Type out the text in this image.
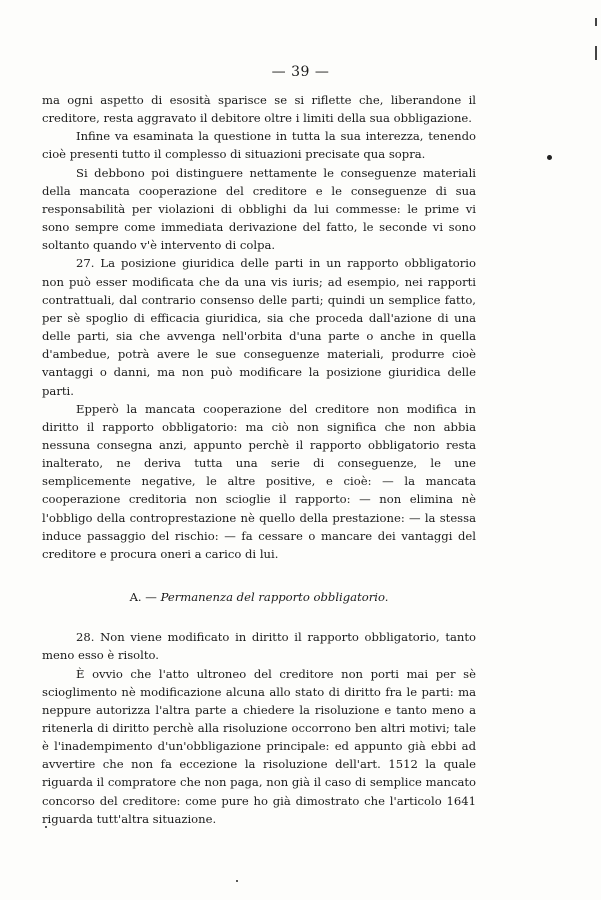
— 39 —

ma ogni aspetto di esosità sparisce se si riflette che, liberandone il creditore, resta aggravato il debitore oltre i limiti della sua obbligazione.

Infine va esaminata la questione in tutta la sua interezza, tenendo cioè presenti tutto il complesso di situazioni precisate qua sopra.

Si debbono poi distinguere nettamente le conseguenze materiali della mancata cooperazione del creditore e le conseguenze di sua responsabilità per violazioni di obblighi da lui commesse: le prime vi sono sempre come immediata derivazione del fatto, le seconde vi sono soltanto quando v'è intervento di colpa.

27. La posizione giuridica delle parti in un rapporto obbligatorio non può esser modificata che da una vis iuris; ad esempio, nei rapporti contrattuali, dal contrario consenso delle parti; quindi un semplice fatto, per sè spoglio di efficacia giuridica, sia che proceda dall'azione di una delle parti, sia che avvenga nell'orbita d'una parte o anche in quella d'ambedue, potrà avere le sue conseguenze materiali, produrre cioè vantaggi o danni, ma non può modificare la posizione giuridica delle parti.

Epperò la mancata cooperazione del creditore non modifica in diritto il rapporto obbligatorio: ma ciò non significa che non abbia nessuna consegna anzi, appunto perchè il rapporto obbligatorio resta inalterato, ne deriva tutta una serie di conseguenze, le une semplicemente negative, le altre positive, e cioè: — la mancata cooperazione creditoria non scioglie il rapporto: — non elimina nè l'obbligo della controprestazione nè quello della prestazione: — la stessa induce passaggio del rischio: — fa cessare o mancare dei vantaggi del creditore e procura oneri a carico di lui.

A. — Permanenza del rapporto obbligatorio.

28. Non viene modificato in diritto il rapporto obbligatorio, tanto meno esso è risolto.

È ovvio che l'atto ultroneo del creditore non porti mai per sè scioglimento nè modificazione alcuna allo stato di diritto fra le parti: ma neppure autorizza l'altra parte a chiedere la risoluzione e tanto meno a ritenerla di diritto perchè alla risoluzione occorrono ben altri motivi; tale è l'inadempimento d'un'obbligazione principale: ed appunto già ebbi ad avvertire che non fa eccezione la risoluzione dell'art. 1512 la quale riguarda il compratore che non paga, non già il caso di semplice mancato concorso del creditore: come pure ho già dimostrato che l'articolo 1641 riguarda tutt'altra situazione.
